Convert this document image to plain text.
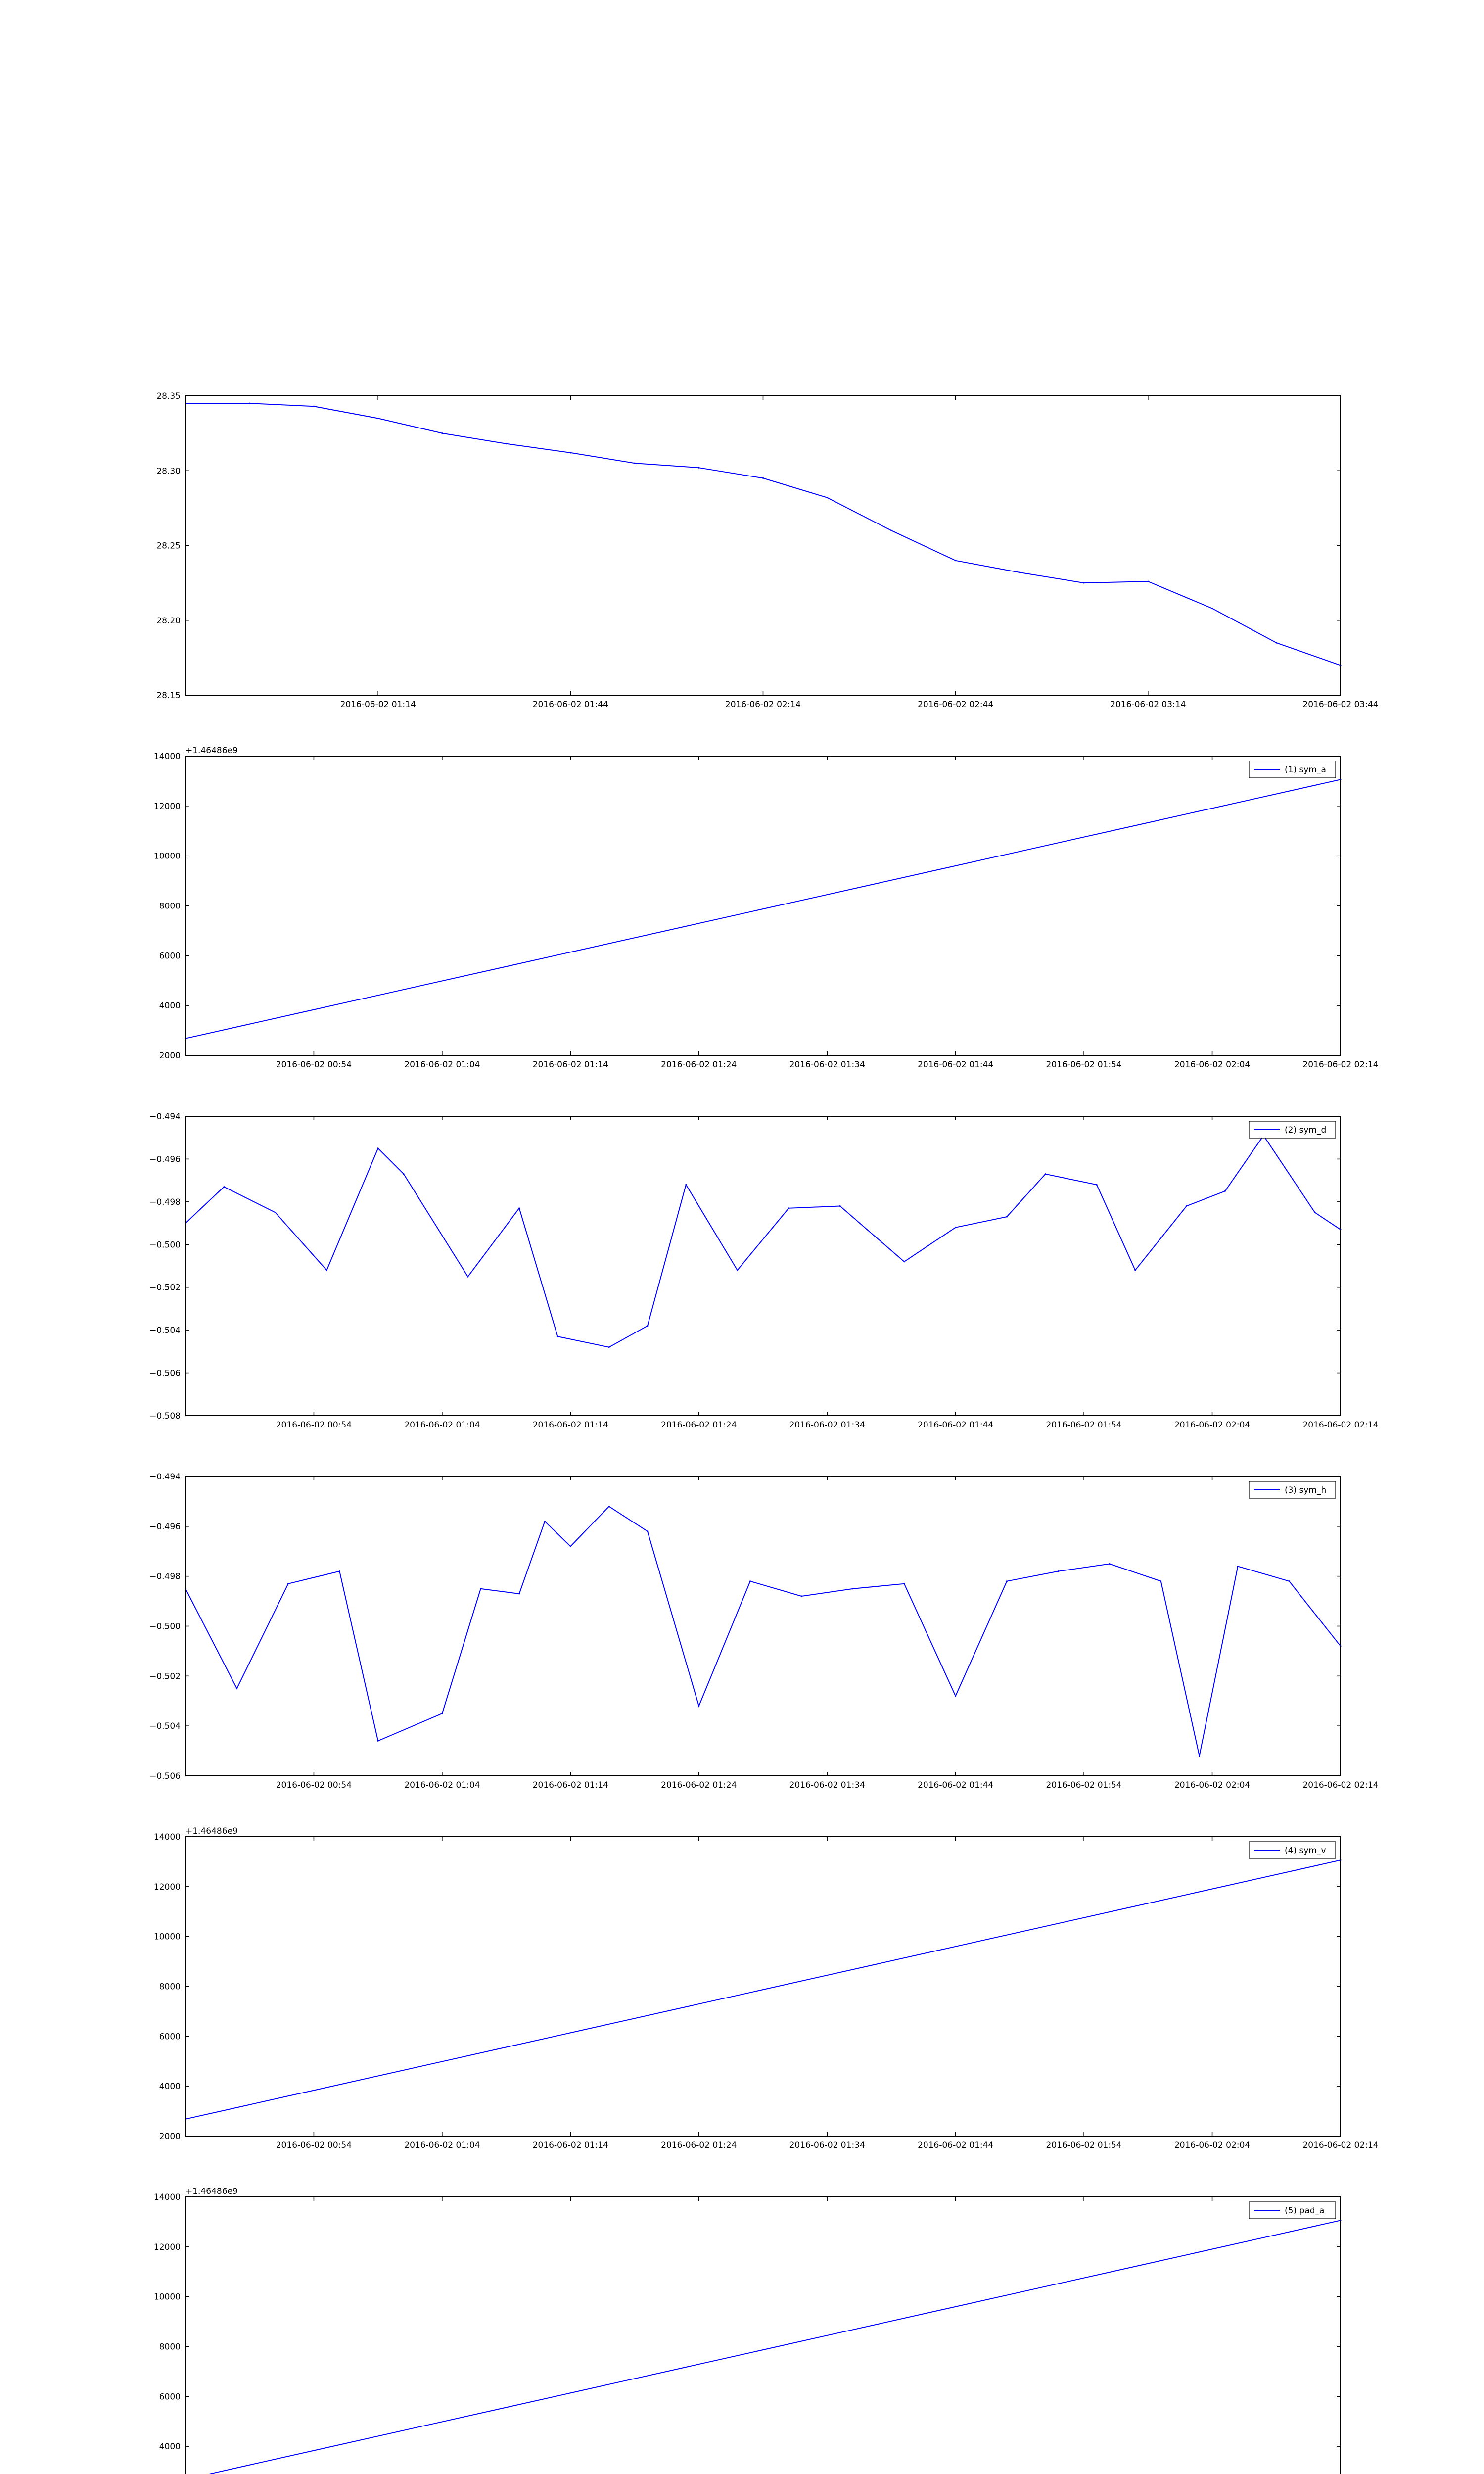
28.15
28.20
28.25
28.30
28.35
2016-06-02 01:14	2016-06-02 01:44	2016-06-02 02:14	2016-06-02 02:44	2016-06-02 03:14	2016-06-02 03:44
2000
4000
6000
8000
10000
12000
14000
2016-06-02 00:54	2016-06-02 01:04	2016-06-02 01:14	2016-06-02 01:24	2016-06-02 01:34	2016-06-02 01:44	2016-06-02 01:54	2016-06-02 02:04	2016-06-02 02:14
+1.46486e9
(1) sym_a
−0.508
−0.506
−0.504
−0.502
−0.500
−0.498
−0.496
−0.494
2016-06-02 00:54	2016-06-02 01:04	2016-06-02 01:14	2016-06-02 01:24	2016-06-02 01:34	2016-06-02 01:44	2016-06-02 01:54	2016-06-02 02:04	2016-06-02 02:14
(2) sym_d
−0.506
−0.504
−0.502
−0.500
−0.498
−0.496
−0.494
2016-06-02 00:54	2016-06-02 01:04	2016-06-02 01:14	2016-06-02 01:24	2016-06-02 01:34	2016-06-02 01:44	2016-06-02 01:54	2016-06-02 02:04	2016-06-02 02:14
(3) sym_h
2000
4000
6000
8000
10000
12000
14000
2016-06-02 00:54	2016-06-02 01:04	2016-06-02 01:14	2016-06-02 01:24	2016-06-02 01:34	2016-06-02 01:44	2016-06-02 01:54	2016-06-02 02:04	2016-06-02 02:14
+1.46486e9
(4) sym_v
4000
6000
8000
10000
12000
14000
+1.46486e9
(5) pad_a
